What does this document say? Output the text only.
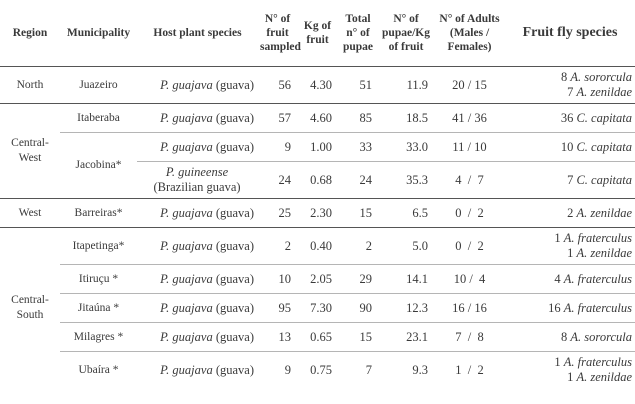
Region	Municipality	Host plant species	N° of fruit sampled	Kg of fruit	Total n° of pupae	N° of pupae/Kg of fruit	N° of Adults (Males / Females)	Fruit fly species
North	Juazeiro	P. guajava (guava)	56	4.30	51	11.9	20 / 15	8 A. sororcula
7 A. zenildae

Central-West	Itaberaba	P. guajava (guava)	57	4.60	85	18.5	41 / 36	36 C. capitata
	Jacobina*	P. guajava (guava)	9	1.00	33	33.0	11 / 10	10 C. capitata

		P. guineense
(Brazilian guava)	24	0.68	24	35.3	4  /  7	7 C. capitata
West	Barreiras*	P. guajava (guava)	25	2.30	15	6.5	0  /  2	2 A. zenildae
Central-South	Itapetinga*	P. guajava (guava)	2	0.40	2	5.0	0  /  2	1 A. fraterculus
1 A. zenildae

	Itiruçu *	P. guajava (guava)	10	2.05	29	14.1	10 /  4	4 A. fraterculus
	Jitaúna *	P. guajava (guava)	95	7.30	90	12.3	16 / 16	16 A. fraterculus
	Milagres *	P. guajava (guava)	13	0.65	15	23.1	7  /  8	8 A. sororcula
	Ubaíra *	P. guajava (guava)	9	0.75	7	9.3	1  /  2	1 A. fraterculus
1 A. zenildae
